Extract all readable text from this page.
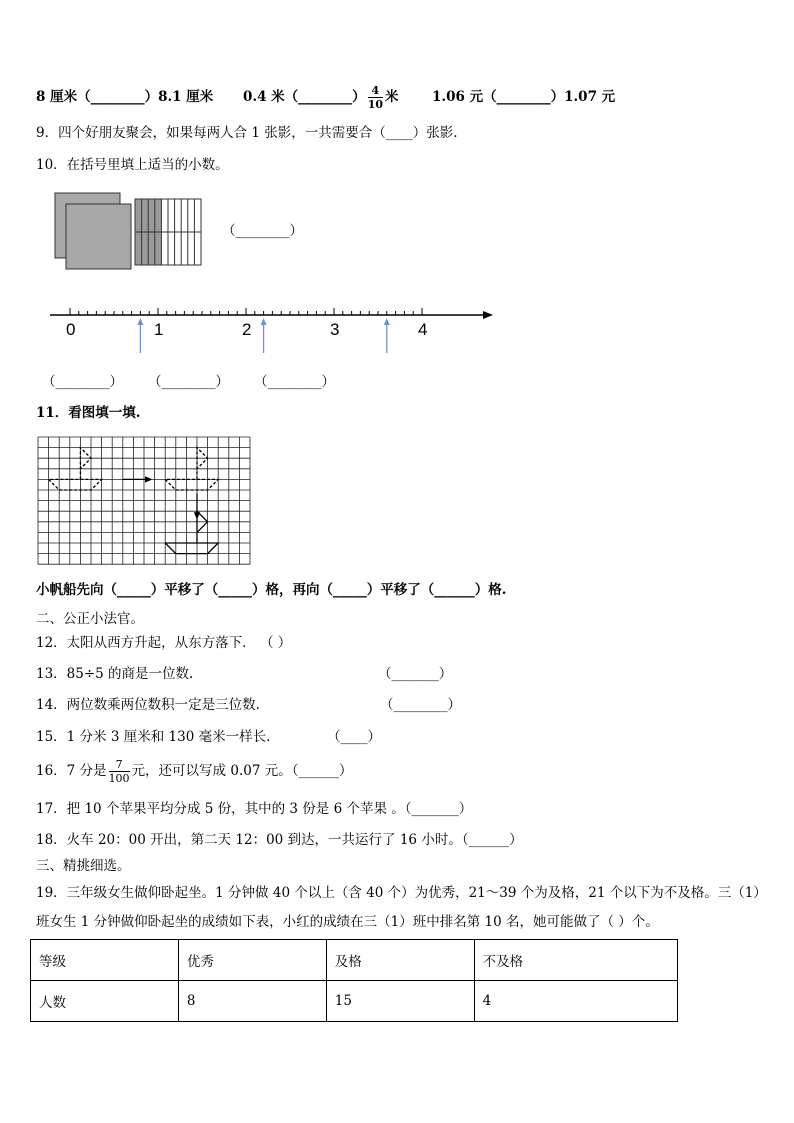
8 厘米（________）8.1 厘米 0.4 米（________） $\frac{4}{10}$ 米 1.06 元（________）1.07 元
9．四个好朋友聚会，如果每两人合 1 张影，一共需要合（____）张影.
10．在括号里填上适当的小数。
（________）
0	1	2	3	4
（________） （________） （________）
11．看图填一填.
小帆船先向（_____）平移了（_____）格，再向（_____）平移了（______）格.
二、公正小法官。
12．太阳从西方升起，从东方落下． （ ）
13．85÷5 的商是一位数.	（_______）
14．两位数乘两位数积一定是三位数.	（________）
15．1 分米 3 厘米和 130 毫米一样长.	（____）
16．7 分是 $\frac{7}{100}$ 元，还可以写成 0.07 元。（______）
17．把 10 个苹果平均分成 5 份，其中的 3 份是 6 个苹果 。（_______）
18．火车 20：00 开出，第二天 12：00 到达，一共运行了 16 小时。（______）
三、精挑细选。
19．三年级女生做仰卧起坐。1 分钟做 40 个以上（含 40 个）为优秀，21～39 个为及格，21 个以下为不及格。三（1）
班女生 1 分钟做仰卧起坐的成绩如下表，小红的成绩在三（1）班中排名第 10 名，她可能做了（ ）个。
等级	优秀	及格	不及格
人数	8	15	4
